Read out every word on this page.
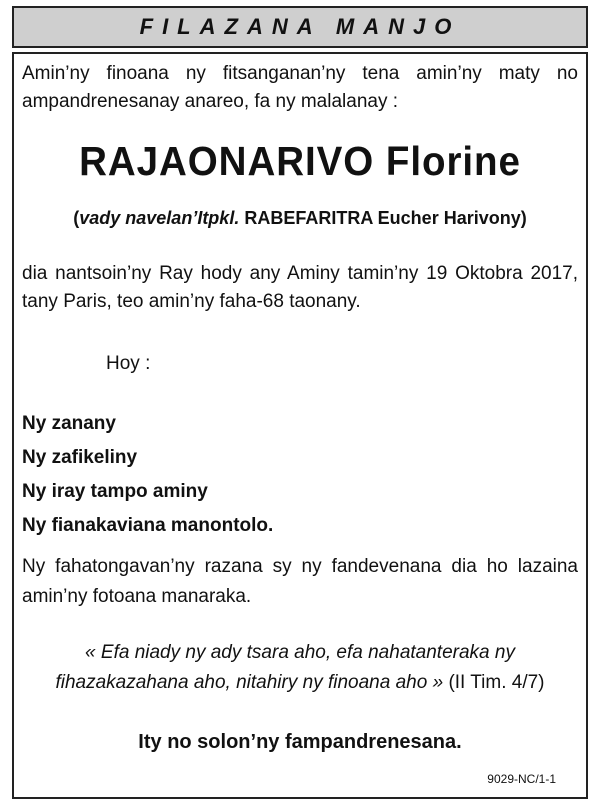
FILAZANA MANJO
Amin’ny finoana ny fitsanganan’ny tena amin’ny maty no ampandrenesanay anareo, fa ny malalanay :
RAJAONARIVO Florine
(vady navelan’Itpkl. RABEFARITRA Eucher Harivony)
dia nantsoin’ny Ray hody any Aminy tamin’ny 19 Oktobra 2017, tany Paris, teo amin’ny faha-68 taonany.
Hoy :
Ny zanany
Ny zafikeliny
Ny iray tampo aminy
Ny fianakaviana manontolo.
Ny fahatongavan’ny razana sy ny fandevenana dia ho lazaina amin’ny fotoana manaraka.
« Efa niady ny ady tsara aho, efa nahatanteraka ny fihazakazahana aho, nitahiry ny finoana aho » (II Tim. 4/7)
Ity no solon’ny fampandrenesana.
9029-NC/1-1
